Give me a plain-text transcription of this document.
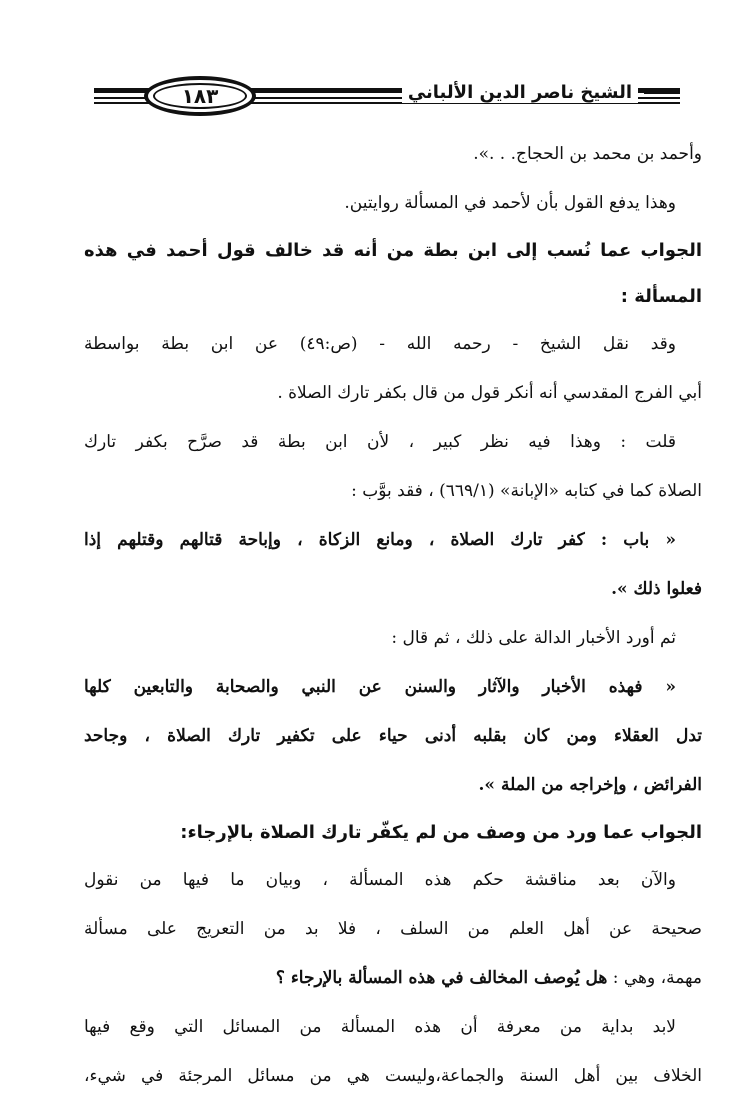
١٨٣	الشيخ ناصر الدين الألباني
وأحمد بن محمد بن الحجاج. . .».
وهذا يدفع القول بأن لأحمد في المسألة روايتين.
الجواب عما نُسب إلى ابن بطة من أنه قد خالف قول أحمد في هذه
المسألة :
وقد نقل الشيخ - رحمه الله - (ص:٤٩) عن ابن بطة بواسطة
أبي الفرج المقدسي أنه أنكر قول من قال بكفر تارك الصلاة .
قلت : وهذا فيه نظر كبير ، لأن ابن بطة قد صرَّح بكفر تارك
الصلاة كما في كتابه «الإبانة» (٦٦٩/١) ، فقد بوَّب :
« باب : كفر تارك الصلاة ، ومانع الزكاة ، وإباحة قتالهم وقتلهم إذا
فعلوا ذلك ».
ثم أورد الأخبار الدالة على ذلك ، ثم قال :
« فهذه الأخبار والآثار والسنن عن النبي والصحابة والتابعين كلها
تدل العقلاء ومن كان بقلبه أدنى حياء على تكفير تارك الصلاة ، وجاحد
الفرائض ، وإخراجه من الملة ».
الجواب عما ورد من وصف من لم يكفّر تارك الصلاة بالإرجاء:
والآن بعد مناقشة حكم هذه المسألة ، وبيان ما فيها من نقول
صحيحة عن أهل العلم من السلف ، فلا بد من التعريج على مسألة
مهمة، وهي : هل يُوصف المخالف في هذه المسألة بالإرجاء ؟
لابد بداية من معرفة أن هذه المسألة من المسائل التي وقع فيها
الخلاف بين أهل السنة والجماعة،وليست هي من مسائل المرجئة في شيء،
